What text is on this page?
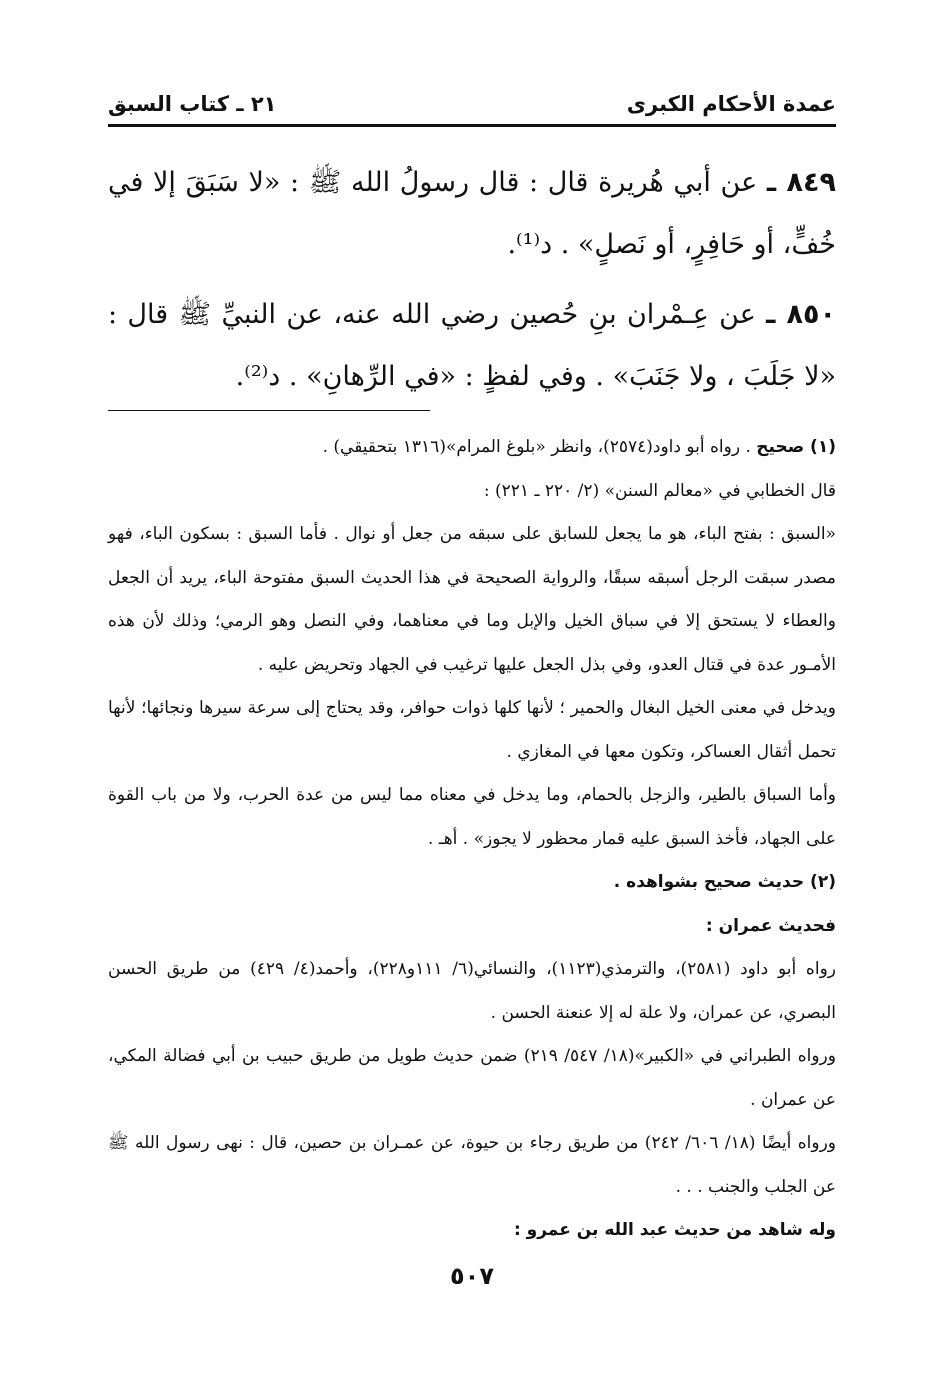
عمدة الأحكام الكبرى
٢١ ـ كتاب السبق

٨٤٩ ـ عن أبي هُريرة قال : قال رسولُ الله ﷺ : «لا سَبَقَ إلا في خُفٍّ، أو حَافِرٍ، أو نَصلٍ» . د⁽¹⁾.

٨٥٠ ـ عن عِـمْران بنِ حُصين رضي الله عنه، عن النبيِّ ﷺ قال : «لا جَلَبَ ، ولا جَنَبَ» . وفي لفظٍ : «في الرِّهانِ» . د⁽²⁾.

(١) صحيح . رواه أبو داود(٢٥٧٤)، وانظر «بلوغ المرام»(١٣١٦ بتحقيقي) .

قال الخطابي في «معالم السنن» (٢/ ٢٢٠ ـ ٢٢١) :

«السبق : بفتح الباء، هو ما يجعل للسابق على سبقه من جعل أو نوال . فأما السبق : بسكون الباء، فهو مصدر سبقت الرجل أسبقه سبقًا، والرواية الصحيحة في هذا الحديث السبق مفتوحة الباء، يريد أن الجعل والعطاء لا يستحق إلا في سباق الخيل والإبل وما في معناهما، وفي النصل وهو الرمي؛ وذلك لأن هذه الأمـور عدة في قتال العدو، وفي بذل الجعل عليها ترغيب في الجهاد وتحريض عليه .

ويدخل في معنى الخيل البغال والحمير ؛ لأنها كلها ذوات حوافر، وقد يحتاج إلى سرعة سيرها ونجائها؛ لأنها تحمل أثقال العساكر، وتكون معها في المغازي .

وأما السباق بالطير، والزجل بالحمام، وما يدخل في معناه مما ليس من عدة الحرب، ولا من باب القوة على الجهاد، فأخذ السبق عليه قمار محظور لا يجوز» . أهـ .

(٢) حديث صحيح بشواهده .

فحديث عمران :

رواه أبو داود (٢٥٨١)، والترمذي(١١٢٣)، والنسائي(٦/ ١١١و٢٢٨)، وأحمد(٤/ ٤٢٩) من طريق الحسن البصري، عن عمران، ولا علة له إلا عنعنة الحسن .

ورواه الطبراني في «الكبير»(١٨/ ٥٤٧/ ٢١٩) ضمن حديث طويل من طريق حبيب بن أبي فضالة المكي، عن عمران .

ورواه أيضًا (١٨/ ٦٠٦/ ٢٤٢) من طريق رجاء بن حيوة، عن عمـران بن حصين، قال : نهى رسول الله ﷺ عن الجلب والجنب . . .

وله شاهد من حديث عبد الله بن عمرو :

٥٠٧
